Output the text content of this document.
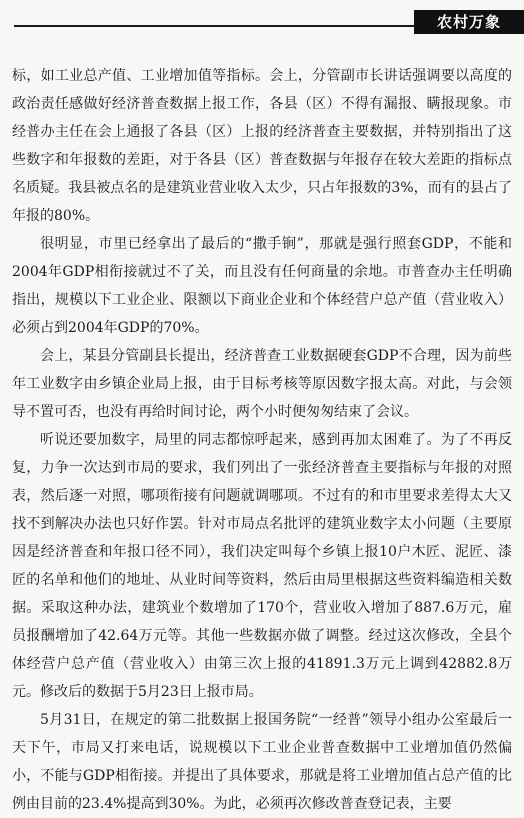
农村万象

标，如工业总产值、工业增加值等指标。会上，分管副市长讲话强调要以高度的政治责任感做好经济普查数据上报工作，各县（区）不得有漏报、瞒报现象。市经普办主任在会上通报了各县（区）上报的经济普查主要数据，并特别指出了这些数字和年报数的差距，对于各县（区）普查数据与年报存在较大差距的指标点名质疑。我县被点名的是建筑业营业收入太少，只占年报数的3%，而有的县占了年报的80%。

很明显，市里已经拿出了最后的“撒手锏”，那就是强行照套GDP，不能和2004年GDP相衔接就过不了关，而且没有任何商量的余地。市普查办主任明确指出，规模以下工业企业、限额以下商业企业和个体经营户总产值（营业收入）必须占到2004年GDP的70%。

会上，某县分管副县长提出，经济普查工业数据硬套GDP不合理，因为前些年工业数字由乡镇企业局上报，由于目标考核等原因数字报太高。对此，与会领导不置可否，也没有再给时间讨论，两个小时便匆匆结束了会议。

听说还要加数字，局里的同志都惊呼起来，感到再加太困难了。为了不再反复，力争一次达到市局的要求，我们列出了一张经济普查主要指标与年报的对照表，然后逐一对照，哪项衔接有问题就调哪项。不过有的和市里要求差得太大又找不到解决办法也只好作罢。针对市局点名批评的建筑业数字太小问题（主要原因是经济普查和年报口径不同），我们决定叫每个乡镇上报10户木匠、泥匠、漆匠的名单和他们的地址、从业时间等资料，然后由局里根据这些资料编造相关数据。采取这种办法，建筑业个数增加了170个，营业收入增加了887.6万元，雇员报酬增加了42.64万元等。其他一些数据亦做了调整。经过这次修改，全县个体经营户总产值（营业收入）由第三次上报的41891.3万元上调到42882.8万元。修改后的数据于5月23日上报市局。

5月31日，在规定的第二批数据上报国务院“一经普”领导小组办公室最后一天下午，市局又打来电话，说规模以下工业企业普查数据中工业增加值仍然偏小，不能与GDP相衔接。并提出了具体要求，那就是将工业增加值占总产值的比例由目前的23.4%提高到30%。为此，必须再次修改普查登记表，主要
